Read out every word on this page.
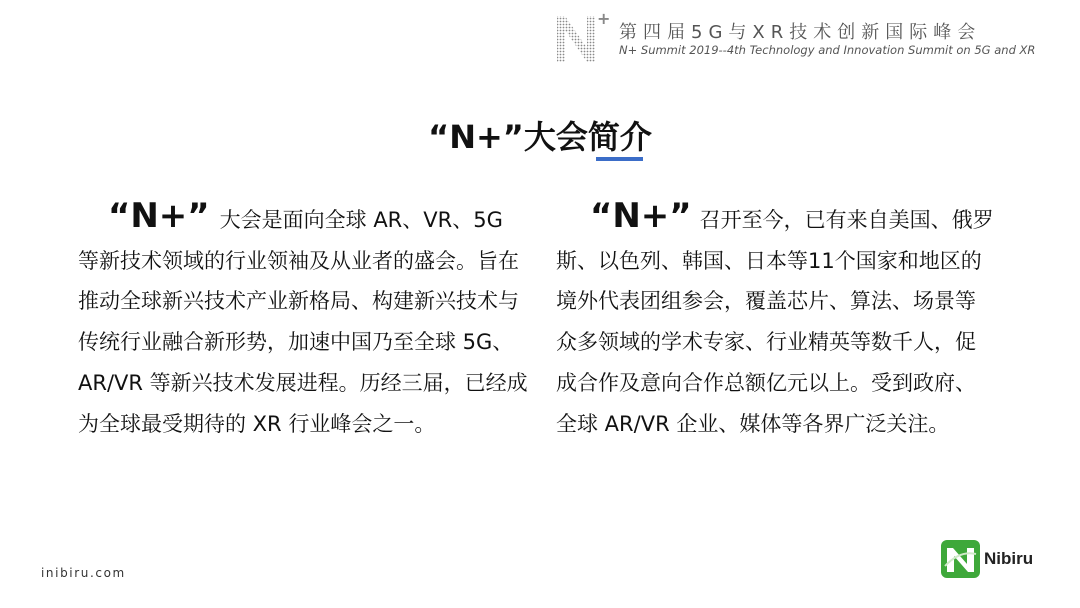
+
第四届5G与XR技术创新国际峰会
N+ Summit 2019--4th Technology and Innovation Summit on 5G and XR
“N+”大会简介
“N+” 大会是面向全球 AR、VR、5G 等新技术领域的行业领袖及从业者的盛会。旨在推动全球新兴技术产业新格局、构建新兴技术与传统行业融合新形势，加速中国乃至全球 5G、AR/VR 等新兴技术发展进程。历经三届，已经成为全球最受期待的 XR 行业峰会之一。
“N+” 召开至今，已有来自美国、俄罗斯、以色列、韩国、日本等11个国家和地区的境外代表团组参会，覆盖芯片、算法、场景等众多领域的学术专家、行业精英等数千人，促成合作及意向合作总额亿元以上。受到政府、全球 AR/VR 企业、媒体等各界广泛关注。
inibiru.com
Nibiru
